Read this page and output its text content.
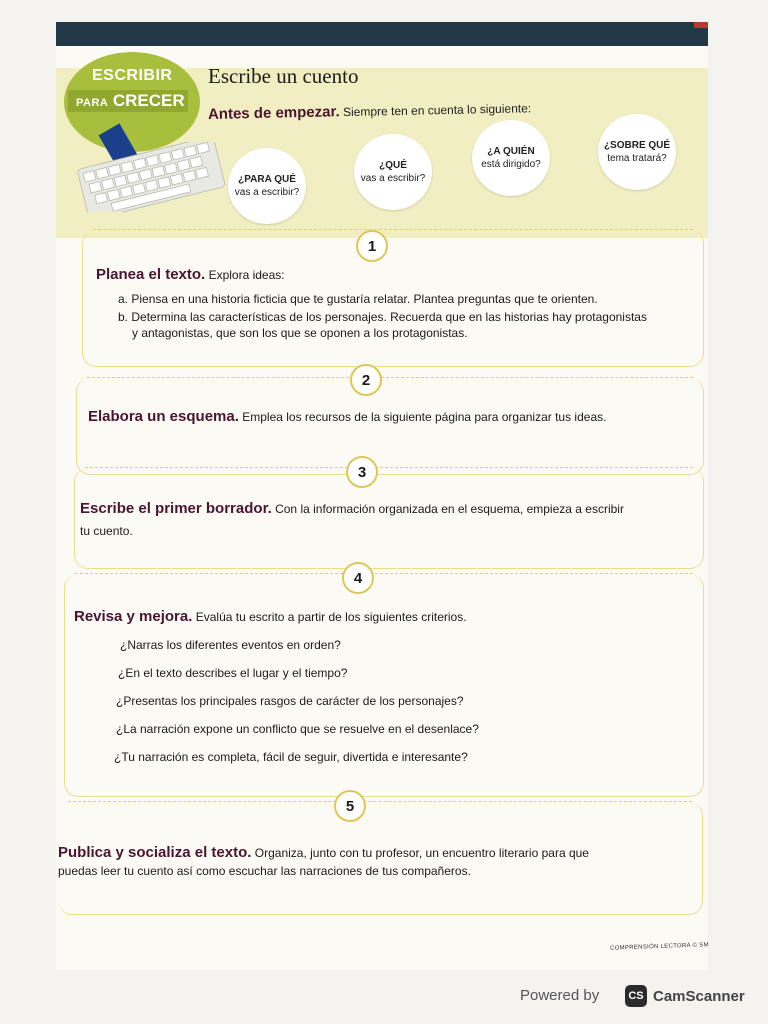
ESCRIBIR
PARA CRECER
Escribe un cuento
Antes de empezar. Siempre ten en cuenta lo siguiente:
¿PARA QUÉ
vas a escribir?
¿QUÉ
vas a escribir?
¿A QUIÉN
está dirigido?
¿SOBRE QUÉ
tema tratará?
1
Planea el texto. Explora ideas:
a. Piensa en una historia ficticia que te gustaría relatar. Plantea preguntas que te orienten.
b. Determina las características de los personajes. Recuerda que en las historias hay protagonistas
y antagonistas, que son los que se oponen a los protagonistas.
2
Elabora un esquema. Emplea los recursos de la siguiente página para organizar tus ideas.
3
Escribe el primer borrador. Con la información organizada en el esquema, empieza a escribir
tu cuento.
4
Revisa y mejora. Evalúa tu escrito a partir de los siguientes criterios.
¿Narras los diferentes eventos en orden?
¿En el texto describes el lugar y el tiempo?
¿Presentas los principales rasgos de carácter de los personajes?
¿La narración expone un conflicto que se resuelve en el desenlace?
¿Tu narración es completa, fácil de seguir, divertida e interesante?
5
Publica y socializa el texto. Organiza, junto con tu profesor, un encuentro literario para que
puedas leer tu cuento así como escuchar las narraciones de tus compañeros.
COMPRENSIÓN LECTORA © SM
Powered by	CS CamScanner
